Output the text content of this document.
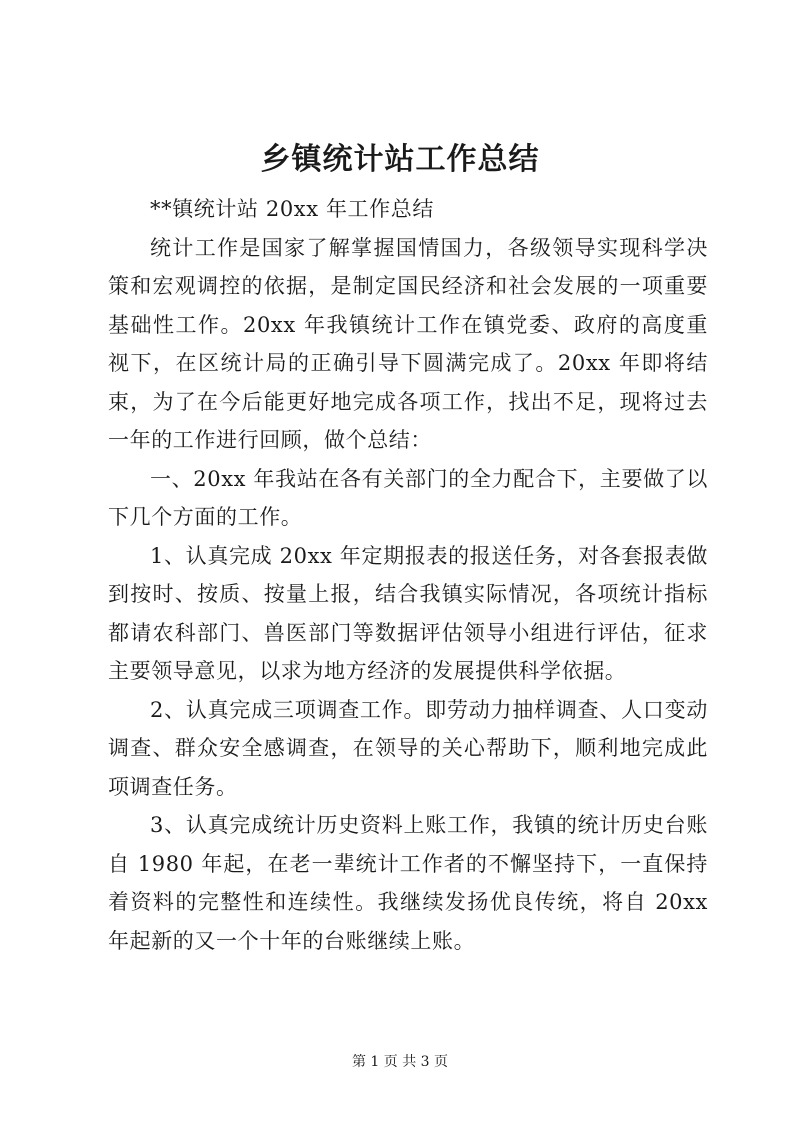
乡镇统计站工作总结

**镇统计站 20xx 年工作总结

统计工作是国家了解掌握国情国力，各级领导实现科学决策和宏观调控的依据，是制定国民经济和社会发展的一项重要基础性工作。20xx 年我镇统计工作在镇党委、政府的高度重视下，在区统计局的正确引导下圆满完成了。20xx 年即将结束，为了在今后能更好地完成各项工作，找出不足，现将过去一年的工作进行回顾，做个总结：

一、20xx 年我站在各有关部门的全力配合下，主要做了以下几个方面的工作。

1、认真完成 20xx 年定期报表的报送任务，对各套报表做到按时、按质、按量上报，结合我镇实际情况，各项统计指标都请农科部门、兽医部门等数据评估领导小组进行评估，征求主要领导意见，以求为地方经济的发展提供科学依据。

2、认真完成三项调查工作。即劳动力抽样调查、人口变动调查、群众安全感调查，在领导的关心帮助下，顺利地完成此项调查任务。

3、认真完成统计历史资料上账工作，我镇的统计历史台账自 1980 年起，在老一辈统计工作者的不懈坚持下，一直保持着资料的完整性和连续性。我继续发扬优良传统，将自 20xx 年起新的又一个十年的台账继续上账。

第 1 页 共 3 页
